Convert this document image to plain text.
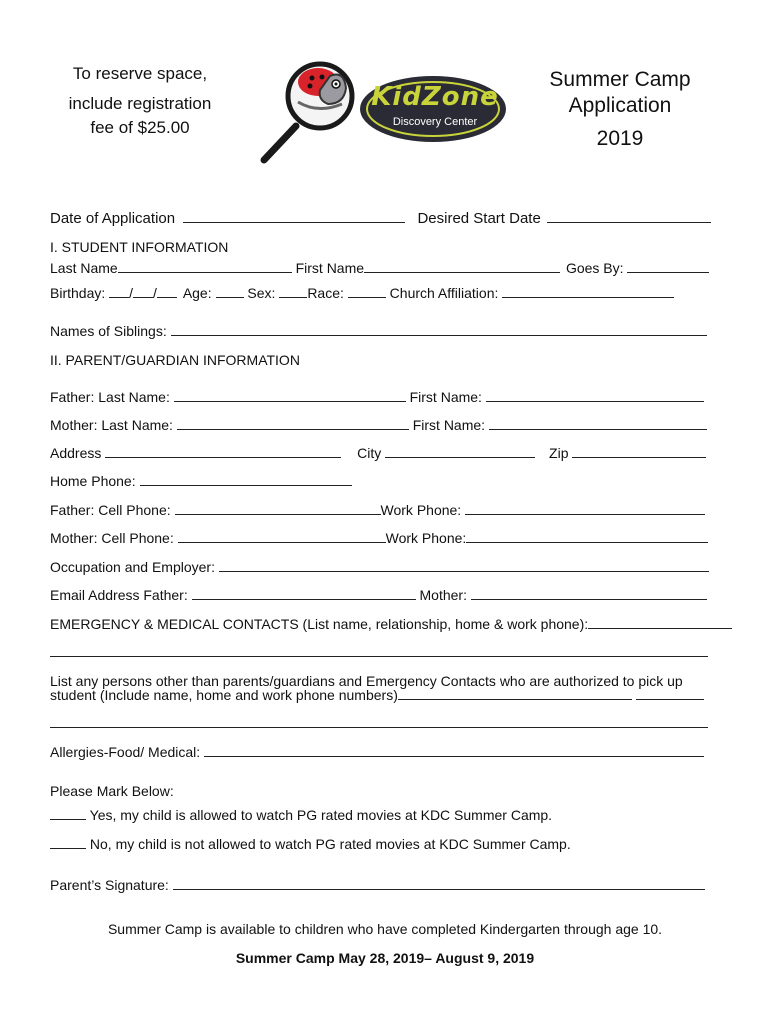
To reserve space,
include registration
fee of $25.00
KidZone
Discovery Center
Summer Camp
Application
2019
Date of Application	Desired Start Date
I. STUDENT INFORMATION
Last Name	First Name	Goes By:
Birthday: / / Age:	Sex: Race:	Church Affiliation:
Names of Siblings:
II. PARENT/GUARDIAN INFORMATION
Father: Last Name:	First Name:
Mother: Last Name:	First Name:
Address	City	Zip
Home Phone:
Father: Cell Phone:	Work Phone:
Mother: Cell Phone:	Work Phone:
Occupation and Employer:
Email Address Father:	Mother:
EMERGENCY & MEDICAL CONTACTS (List name, relationship, home & work phone):
List any persons other than parents/guardians and Emergency Contacts who are authorized to pick up
student (Include name, home and work phone numbers)
Allergies-Food/ Medical:
Please Mark Below:
Yes, my child is allowed to watch PG rated movies at KDC Summer Camp.
No, my child is not allowed to watch PG rated movies at KDC Summer Camp.
Parent’s Signature:
Summer Camp is available to children who have completed Kindergarten through age 10.
Summer Camp May 28, 2019– August 9, 2019
